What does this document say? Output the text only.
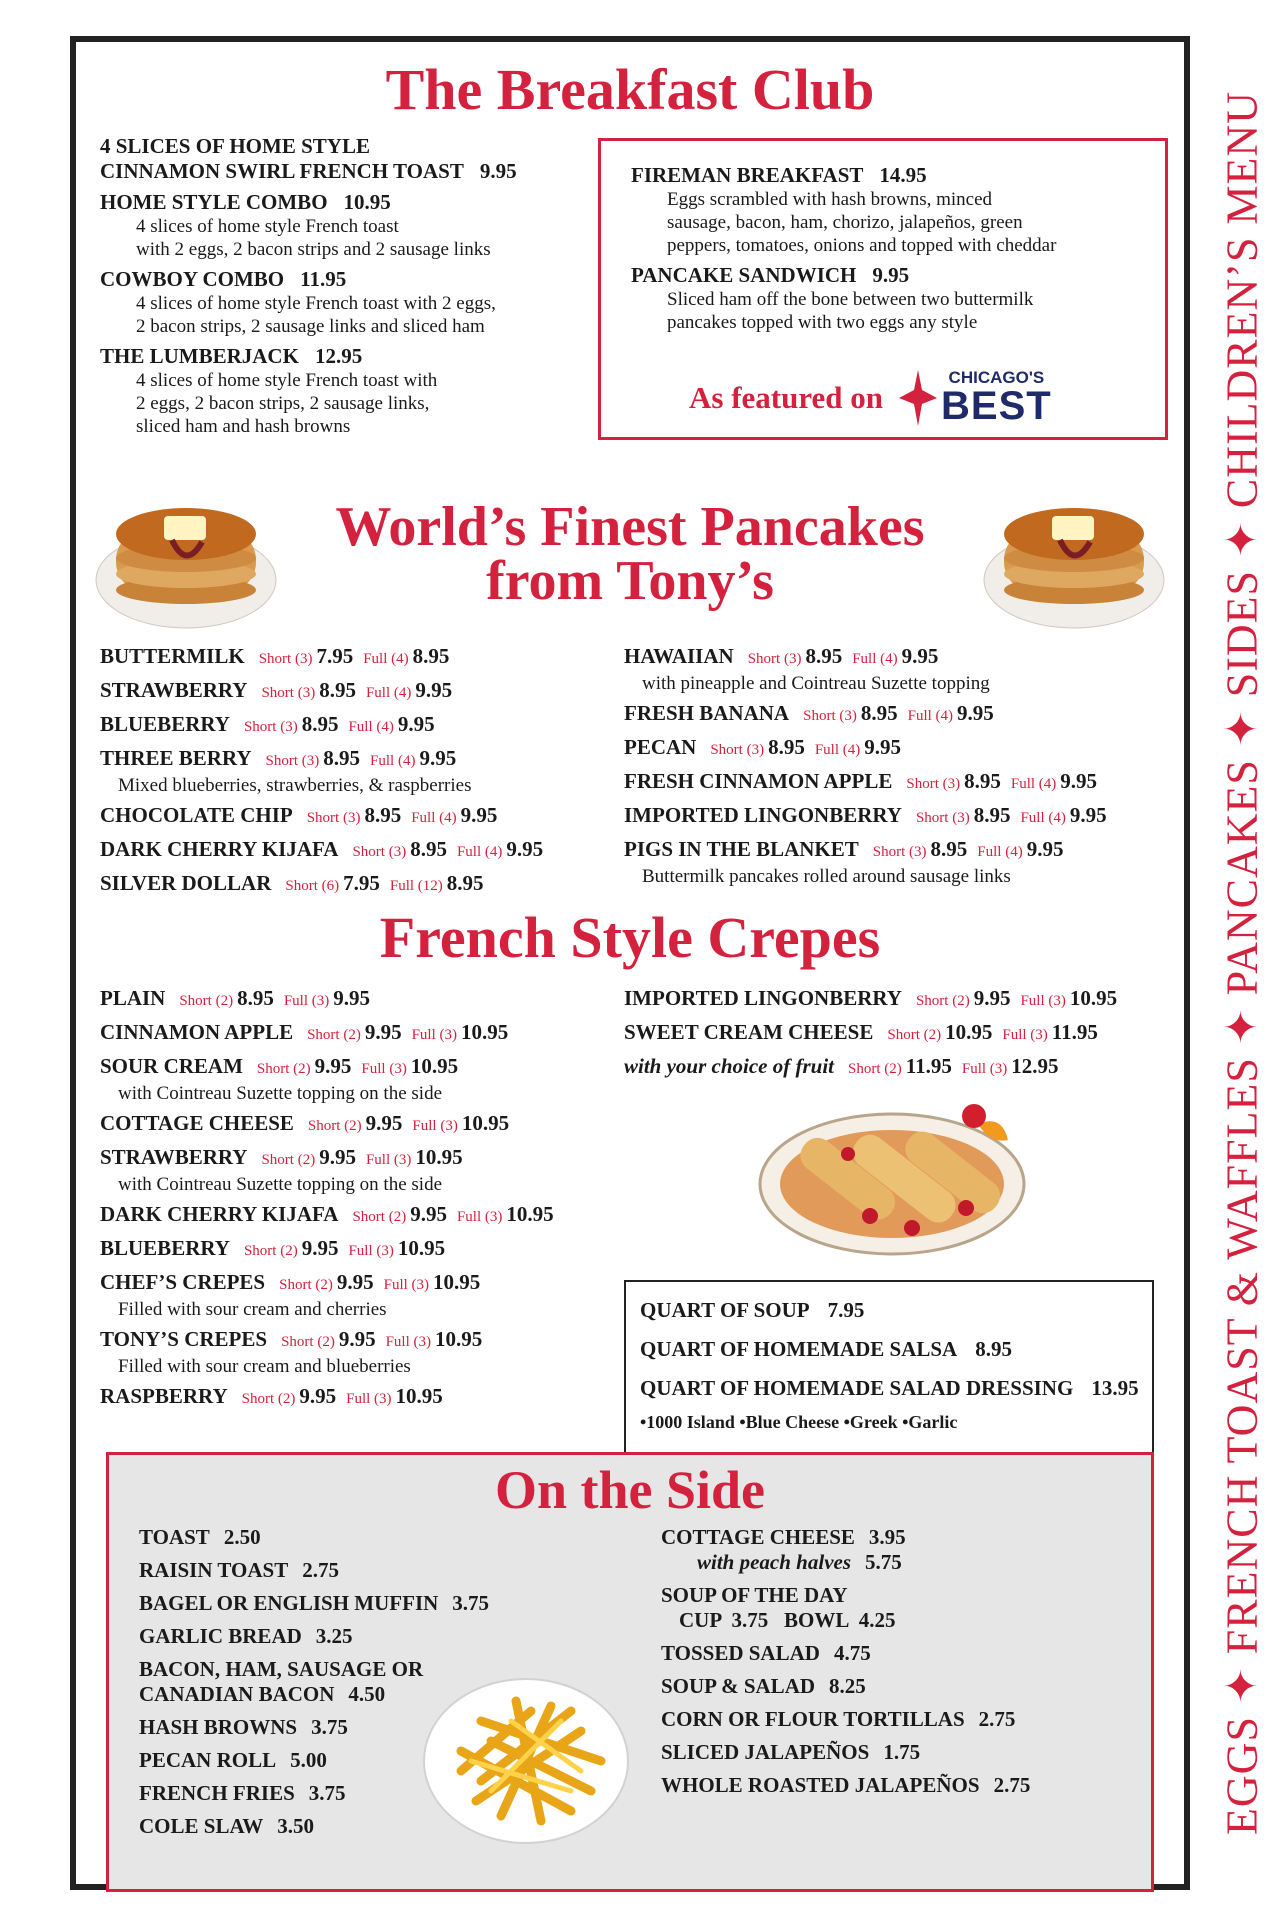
EGGS ✦ FRENCH TOAST & WAFFLES ✦ PANCAKES ✦ SIDES ✦ CHILDREN’S MENU
The Breakfast Club
4 SLICES OF HOME STYLE
CINNAMON SWIRL FRENCH TOAST 9.95
HOME STYLE COMBO 10.95
4 slices of home style French toast
with 2 eggs, 2 bacon strips and 2 sausage links
COWBOY COMBO 11.95
4 slices of home style French toast with 2 eggs,
2 bacon strips, 2 sausage links and sliced ham
THE LUMBERJACK 12.95
4 slices of home style French toast with
2 eggs, 2 bacon strips, 2 sausage links,
sliced ham and hash browns
FIREMAN BREAKFAST 14.95
Eggs scrambled with hash browns, minced
sausage, bacon, ham, chorizo, jalapeños, green
peppers, tomatoes, onions and topped with cheddar
PANCAKE SANDWICH 9.95
Sliced ham off the bone between two buttermilk
pancakes topped with two eggs any style
As featured on
CHICAGO'S
BEST
World’s Finest Pancakes
from Tony’s
BUTTERMILK Short (3) 7.95 Full (4) 8.95
STRAWBERRY Short (3) 8.95 Full (4) 9.95
BLUEBERRY Short (3) 8.95 Full (4) 9.95
THREE BERRY Short (3) 8.95 Full (4) 9.95
Mixed blueberries, strawberries, & raspberries
CHOCOLATE CHIP Short (3) 8.95 Full (4) 9.95
DARK CHERRY KIJAFA Short (3) 8.95 Full (4) 9.95
SILVER DOLLAR Short (6) 7.95 Full (12) 8.95
HAWAIIAN Short (3) 8.95 Full (4) 9.95
with pineapple and Cointreau Suzette topping
FRESH BANANA Short (3) 8.95 Full (4) 9.95
PECAN Short (3) 8.95 Full (4) 9.95
FRESH CINNAMON APPLE Short (3) 8.95 Full (4) 9.95
IMPORTED LINGONBERRY Short (3) 8.95 Full (4) 9.95
PIGS IN THE BLANKET Short (3) 8.95 Full (4) 9.95
Buttermilk pancakes rolled around sausage links
French Style Crepes
PLAIN Short (2) 8.95 Full (3) 9.95
CINNAMON APPLE Short (2) 9.95 Full (3) 10.95
SOUR CREAM Short (2) 9.95 Full (3) 10.95
with Cointreau Suzette topping on the side
COTTAGE CHEESE Short (2) 9.95 Full (3) 10.95
STRAWBERRY Short (2) 9.95 Full (3) 10.95
with Cointreau Suzette topping on the side
DARK CHERRY KIJAFA Short (2) 9.95 Full (3) 10.95
BLUEBERRY Short (2) 9.95 Full (3) 10.95
CHEF’S CREPES Short (2) 9.95 Full (3) 10.95
Filled with sour cream and cherries
TONY’S CREPES Short (2) 9.95 Full (3) 10.95
Filled with sour cream and blueberries
RASPBERRY Short (2) 9.95 Full (3) 10.95
IMPORTED LINGONBERRY Short (2) 9.95 Full (3) 10.95
SWEET CREAM CHEESE Short (2) 10.95 Full (3) 11.95
with your choice of fruit Short (2) 11.95 Full (3) 12.95
QUART OF SOUP 7.95
QUART OF HOMEMADE SALSA 8.95
QUART OF HOMEMADE SALAD DRESSING 13.95
•1000 Island •Blue Cheese •Greek •Garlic
On the Side
TOAST 2.50
RAISIN TOAST 2.75
BAGEL OR ENGLISH MUFFIN 3.75
GARLIC BREAD 3.25
BACON, HAM, SAUSAGE OR
CANADIAN BACON 4.50
HASH BROWNS 3.75
PECAN ROLL 5.00
FRENCH FRIES 3.75
COLE SLAW 3.50
COTTAGE CHEESE 3.95
with peach halves 5.75
SOUP OF THE DAY
CUP  3.75   BOWL  4.25
TOSSED SALAD 4.75
SOUP & SALAD 8.25
CORN OR FLOUR TORTILLAS 2.75
SLICED JALAPEÑOS 1.75
WHOLE ROASTED JALAPEÑOS 2.75
